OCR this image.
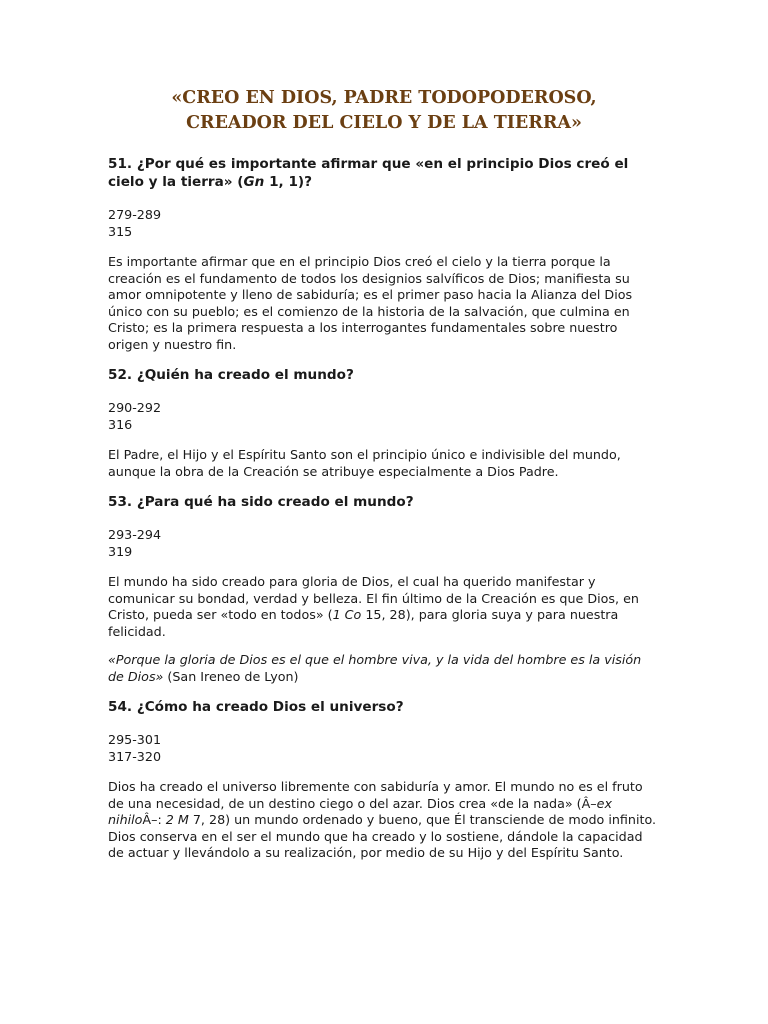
«CREO EN DIOS, PADRE TODOPODEROSO,
CREADOR DEL CIELO Y DE LA TIERRA»

51. ¿Por qué es importante afirmar que «en el principio Dios creó el cielo y la tierra» (Gn 1, 1)?

279-289
315

Es importante afirmar que en el principio Dios creó el cielo y la tierra porque la creación es el fundamento de todos los designios salvíficos de Dios; manifiesta su amor omnipotente y lleno de sabiduría; es el primer paso hacia la Alianza del Dios único con su pueblo; es el comienzo de la historia de la salvación, que culmina en Cristo; es la primera respuesta a los interrogantes fundamentales sobre nuestro origen y nuestro fin.

52. ¿Quién ha creado el mundo?

290-292
316

El Padre, el Hijo y el Espíritu Santo son el principio único e indivisible del mundo, aunque la obra de la Creación se atribuye especialmente a Dios Padre.

53. ¿Para qué ha sido creado el mundo?

293-294
319

El mundo ha sido creado para gloria de Dios, el cual ha querido manifestar y comunicar su bondad, verdad y belleza. El fin último de la Creación es que Dios, en Cristo, pueda ser «todo en todos» (1 Co 15, 28), para gloria suya y para nuestra felicidad.

«Porque la gloria de Dios es el que el hombre viva, y la vida del hombre es la visión de Dios» (San Ireneo de Lyon)

54. ¿Cómo ha creado Dios el universo?

295-301
317-320

Dios ha creado el universo libremente con sabiduría y amor. El mundo no es el fruto de una necesidad, de un destino ciego o del azar. Dios crea «de la nada» (Â–ex nihiloÂ–: 2 M 7, 28) un mundo ordenado y bueno, que Él transciende de modo infinito. Dios conserva en el ser el mundo que ha creado y lo sostiene, dándole la capacidad de actuar y llevándolo a su realización, por medio de su Hijo y del Espíritu Santo.
